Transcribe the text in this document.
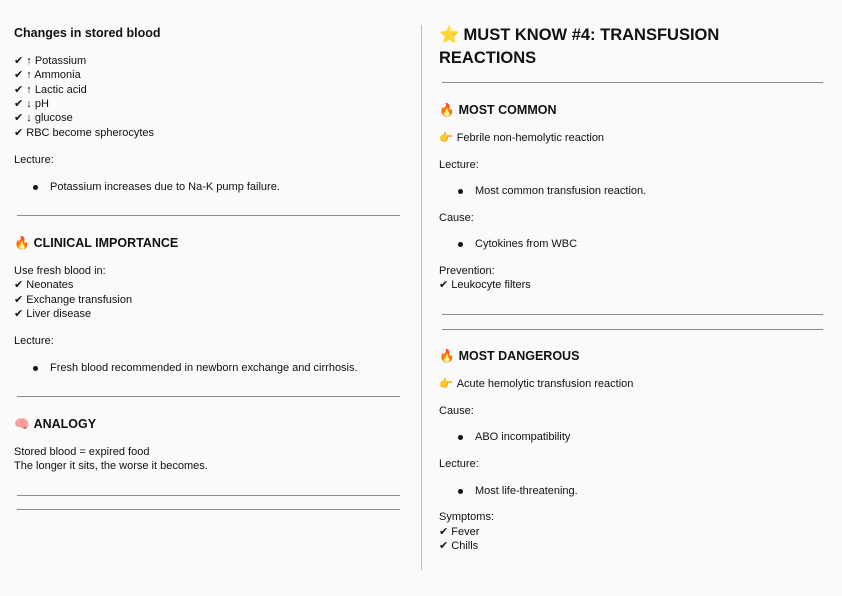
Changes in stored blood
✔ ↑ Potassium
✔ ↑ Ammonia
✔ ↑ Lactic acid
✔ ↓ pH
✔ ↓ glucose
✔ RBC become spherocytes
Lecture:
Potassium increases due to Na-K pump failure.
🔥 CLINICAL IMPORTANCE
Use fresh blood in:
✔ Neonates
✔ Exchange transfusion
✔ Liver disease
Lecture:
Fresh blood recommended in newborn exchange and cirrhosis.
🧠 ANALOGY
Stored blood = expired food
The longer it sits, the worse it becomes.
⭐ MUST KNOW #4: TRANSFUSION
REACTIONS
🔥 MOST COMMON
👉 Febrile non-hemolytic reaction
Lecture:
Most common transfusion reaction.
Cause:
Cytokines from WBC
Prevention:
✔ Leukocyte filters
🔥 MOST DANGEROUS
👉 Acute hemolytic transfusion reaction
Cause:
ABO incompatibility
Lecture:
Most life-threatening.
Symptoms:
✔ Fever
✔ Chills
